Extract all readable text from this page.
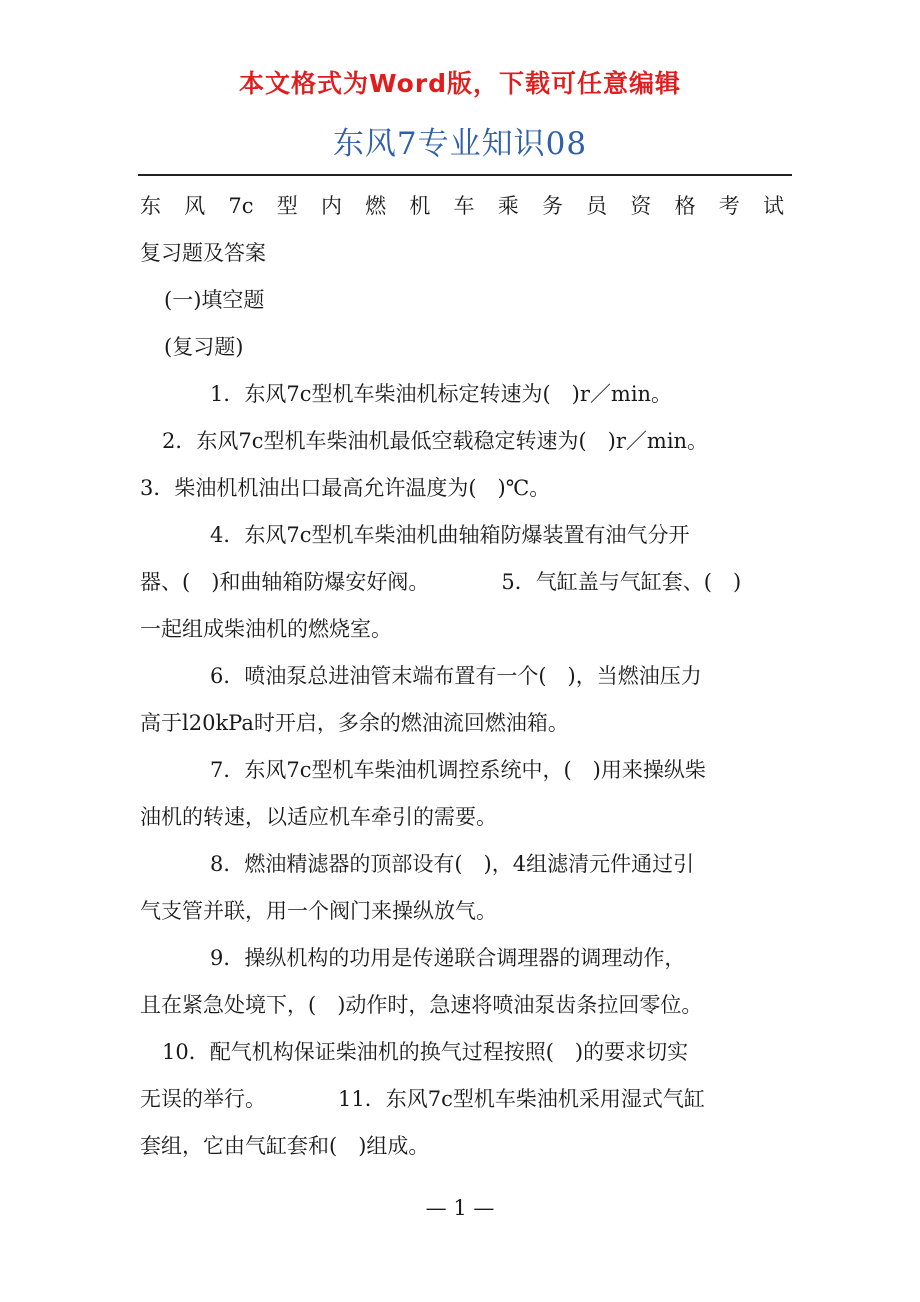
本文格式为Word版，下载可任意编辑
东风7专业知识08
东 风 7c 型 内 燃 机 车 乘 务 员 资 格 考 试
复习题及答案
(一)填空题
(复习题)
1．东风7c型机车柴油机标定转速为(　)r／min。
2．东风7c型机车柴油机最低空载稳定转速为(　)r／min。
3．柴油机机油出口最高允许温度为(　)℃。
4．东风7c型机车柴油机曲轴箱防爆装置有油气分开
器、(　)和曲轴箱防爆安好阀。	5．气缸盖与气缸套、(　)
一起组成柴油机的燃烧室。
6．喷油泵总进油管末端布置有一个(　)，当燃油压力
高于l20kPa时开启，多余的燃油流回燃油箱。
7．东风7c型机车柴油机调控系统中，(　)用来操纵柴
油机的转速，以适应机车牵引的需要。
8．燃油精滤器的顶部设有(　)，4组滤清元件通过引
气支管并联，用一个阀门来操纵放气。
9．操纵机构的功用是传递联合调理器的调理动作，
且在紧急处境下，(　)动作时，急速将喷油泵齿条拉回零位。
10．配气机构保证柴油机的换气过程按照(　)的要求切实
无误的举行。	11．东风7c型机车柴油机采用湿式气缸
套组，它由气缸套和(　)组成。
— 1 —
